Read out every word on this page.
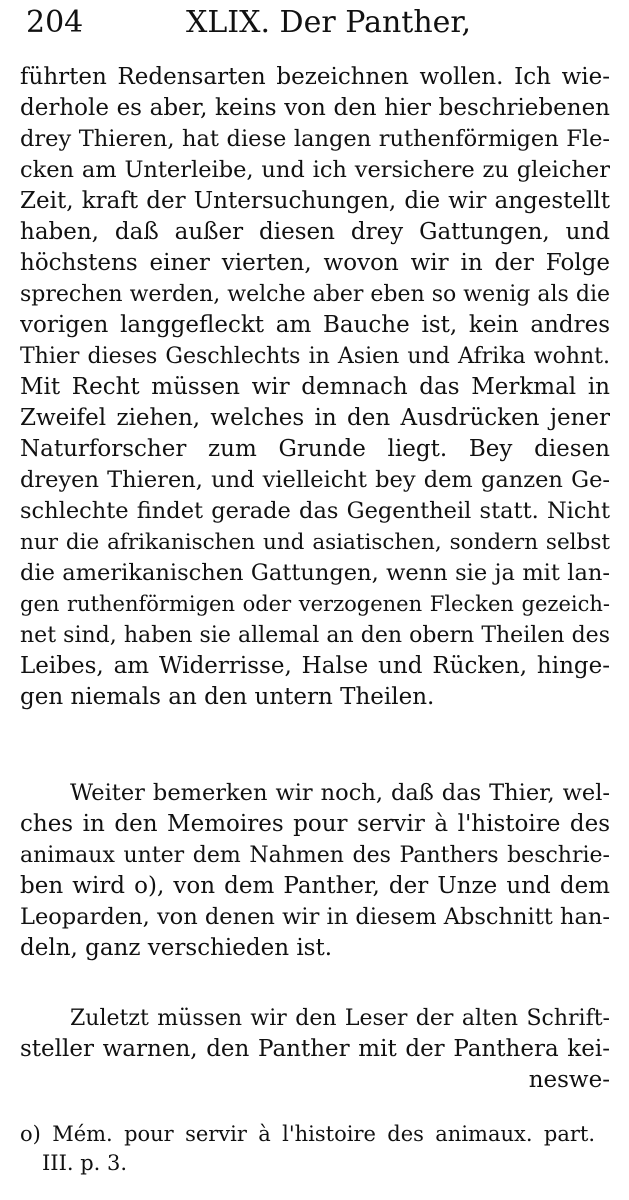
204	XLIX. Der Panther,
führten Redensarten bezeichnen wollen. Ich wie-
derhole es aber, keins von den hier beschriebenen
drey Thieren, hat diese langen ruthenförmigen Fle-
cken am Unterleibe, und ich versichere zu gleicher
Zeit, kraft der Untersuchungen, die wir angestellt
haben, daß außer diesen drey Gattungen, und
höchstens einer vierten, wovon wir in der Folge
sprechen werden, welche aber eben so wenig als die
vorigen langgefleckt am Bauche ist, kein andres
Thier dieses Geschlechts in Asien und Afrika wohnt.
Mit Recht müssen wir demnach das Merkmal in
Zweifel ziehen, welches in den Ausdrücken jener
Naturforscher zum Grunde liegt. Bey diesen
dreyen Thieren, und vielleicht bey dem ganzen Ge-
schlechte findet gerade das Gegentheil statt. Nicht
nur die afrikanischen und asiatischen, sondern selbst
die amerikanischen Gattungen, wenn sie ja mit lan-
gen ruthenförmigen oder verzogenen Flecken gezeich-
net sind, haben sie allemal an den obern Theilen des
Leibes, am Widerrisse, Halse und Rücken, hinge-
gen niemals an den untern Theilen.
Weiter bemerken wir noch, daß das Thier, wel-
ches in den Memoires pour servir à l'histoire des
animaux unter dem Nahmen des Panthers beschrie-
ben wird o), von dem Panther, der Unze und dem
Leoparden, von denen wir in diesem Abschnitt han-
deln, ganz verschieden ist.
Zuletzt müssen wir den Leser der alten Schrift-
steller warnen, den Panther mit der Panthera kei-
neswe-
o) Mém. pour servir à l'histoire des animaux. part.
III. p. 3.
